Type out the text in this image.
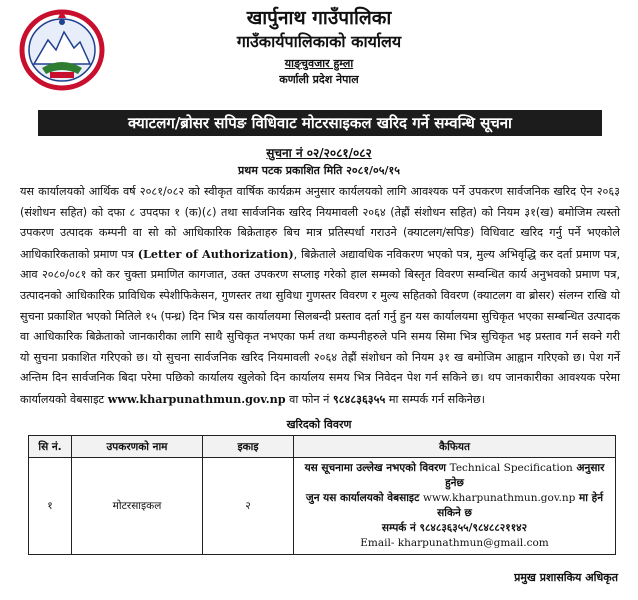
खार्पुनाथ गाउँपालिका
गाउँकार्यपालिकाको कार्यालय
याङ्चुवजार हुम्ला
कर्णाली प्रदेश नेपाल
क्याटलग/ब्रोसर सपिङ विधिवाट मोटरसाइकल खरिद गर्ने सम्वन्धि सूचना
सुचना नं ०२/२०८१/०८२
प्रथम पटक प्रकाशित मिति २०८१/०५/१५

यस कार्यालयको आर्थिक वर्ष २०८१/०८२ को स्वीकृत वार्षिक कार्यक्रम अनुसार कार्यलयको लागि आवश्यक पर्ने उपकरण सार्वजनिक खरिद ऐन २०६३ (संशोधन सहित) को दफा ८ उपदफा १ (क)(८) तथा सार्वजनिक खरिद नियमावली २०६४ (तेह्रौं संशोधन सहित) को नियम ३१(ख) बमोजिम त्यस्तो उपकरण उत्पादक कम्पनी वा सो को आधिकारिक बिक्रेताहरु बिच मात्र प्रतिस्पर्धा गराउने (क्याटलग/सपिङ) विधिवाट खरिद गर्नु पर्ने भएकोले आधिकारिकताको प्रमाण पत्र (Letter of Authorization), बिक्रेताले अद्यावधिक नविकरण भएको पत्र, मुल्य अभिवृद्धि कर दर्ता प्रमाण पत्र, आव २०८०/०८१ को कर चुक्ता प्रमाणित कागजात, उक्त उपकरण सप्लाइ गरेको हाल सम्मको बिस्तृत विवरण सम्वन्धित कार्य अनुभवको प्रमाण पत्र, उत्पादनको आधिकारिक प्राविधिक स्पेशीफिकेसन, गुणस्तर तथा सुविधा गुणस्तर विवरण र मुल्य सहितको विवरण (क्याटलग वा ब्रोसर) संलग्न राखि यो सुचना प्रकाशित भएको मितिले १५ (पन्ध्र) दिन भित्र यस कार्यालयमा सिलबन्दी प्रस्ताव दर्ता गर्नु हुन यस कार्यालयमा सुचिकृत भएका सम्बन्धित उत्पादक वा आधिकारिक बिक्रेताको जानकारीका लागि साथै सुचिकृत नभएका फर्म तथा कम्पनीहरुले पनि समय सिमा भित्र सुचिकृत भइ प्रस्ताव गर्न सक्ने गरी यो सुचना प्रकाशित गरिएको छ। यो सुचना सार्वजनिक खरिद नियमावली २०६४ तेह्रौं संशोधन को नियम ३१ ख बमोजिम आह्वान गरिएको छ। पेश गर्ने अन्तिम दिन सार्वजनिक बिदा परेमा पछिको कार्यालय खुलेको दिन कार्यालय समय भित्र निवेदन पेश गर्न सकिने छ। थप जानकारीका आवश्यक परेमा कार्यालयको वेबसाइट www.kharpunathmun.gov.np वा फोन नं ९८४८३६३५५ मा सम्पर्क गर्न सकिनेछ।

खरिदको विवरण
सि नं.	उपकरणको नाम	इकाइ	कैफियत
१	मोटरसाइकल	२	यस सूचनामा उल्लेख नभएको विवरण Technical Specification अनुसार हुनेछ
जुन यस कार्यालयको वेबसाइट www.kharpunathmun.gov.np मा हेर्न सकिने छ
सम्पर्क नं ९८४८३६३५५/९८४८८२११४२
Email- kharpunathmun@gmail.com
प्रमुख प्रशासकिय अधिकृत
